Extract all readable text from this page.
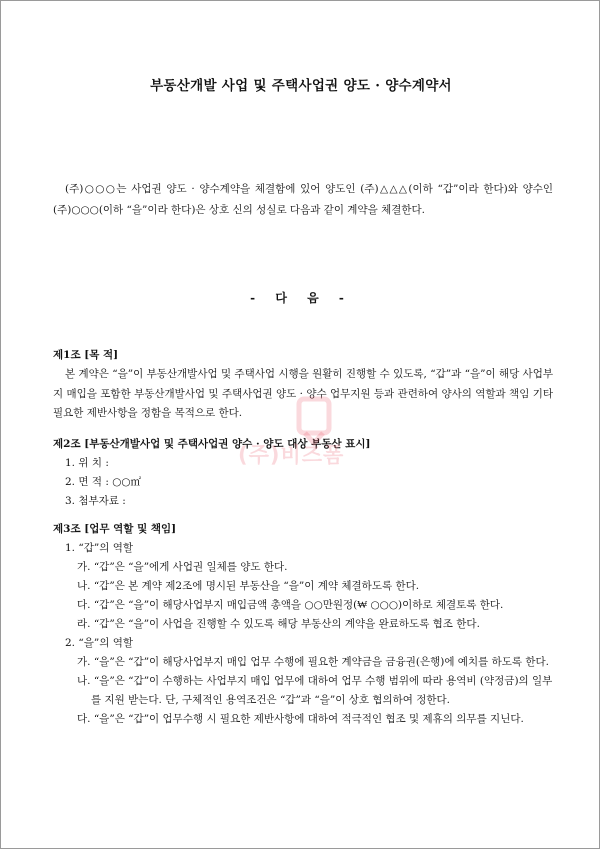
부동산개발 사업 및 주택사업권 양도 · 양수계약서

(주)○○○는 사업권 양도 · 양수계약을 체결함에 있어 양도인 (주)△△△(이하 “갑”이라 한다)와 양수인 (주)○○○(이하 “을”이라 한다)은 상호 신의 성실로 다음과 같이 계약을 체결한다.

- 다 음 -
제1조 [목 적]

본 계약은 “을”이 부동산개발사업 및 주택사업 시행을 원활히 진행할 수 있도록, “갑”과 “을”이 해당 사업부지 매입을 포함한 부동산개발사업 및 주택사업권 양도 · 양수 업무지원 등과 관련하여 양사의 역할과 책임 기타 필요한 제반사항을 정함을 목적으로 한다.

제2조 [부동산개발사업 및 주택사업권 양수 · 양도 대상 부동산 표시]
1. 위 치 :
2. 면 적 : ○○㎡
3. 첨부자료 :
제3조 [업무 역할 및 책임]
1. “갑”의 역할
가. “갑”은 “을”에게 사업권 일체를 양도 한다.
나. “갑”은 본 계약 제2조에 명시된 부동산을 “을”이 계약 체결하도록 한다.
다. “갑”은 “을”이 해당사업부지 매입금액 총액을 ○○만원정(₩ ○○○)이하로 체결토록 한다.
라. “갑”은 “을”이 사업을 진행할 수 있도록 해당 부동산의 계약을 완료하도록 협조 한다.
2. “을”의 역할
가. “을”은 “갑”이 해당사업부지 매입 업무 수행에 필요한 계약금을 금융권(은행)에 예치를 하도록 한다.
나. “을”은 “갑”이 수행하는 사업부지 매입 업무에 대하여 업무 수행 범위에 따라 용역비 (약정금)의 일부를 지원 받는다. 단, 구체적인 용역조건은 “갑”과 “을”이 상호 협의하여 정한다.
다. “을”은 “갑”이 업무수행 시 필요한 제반사항에 대하여 적극적인 협조 및 제휴의 의무를 지닌다.
(주)비즈폼
